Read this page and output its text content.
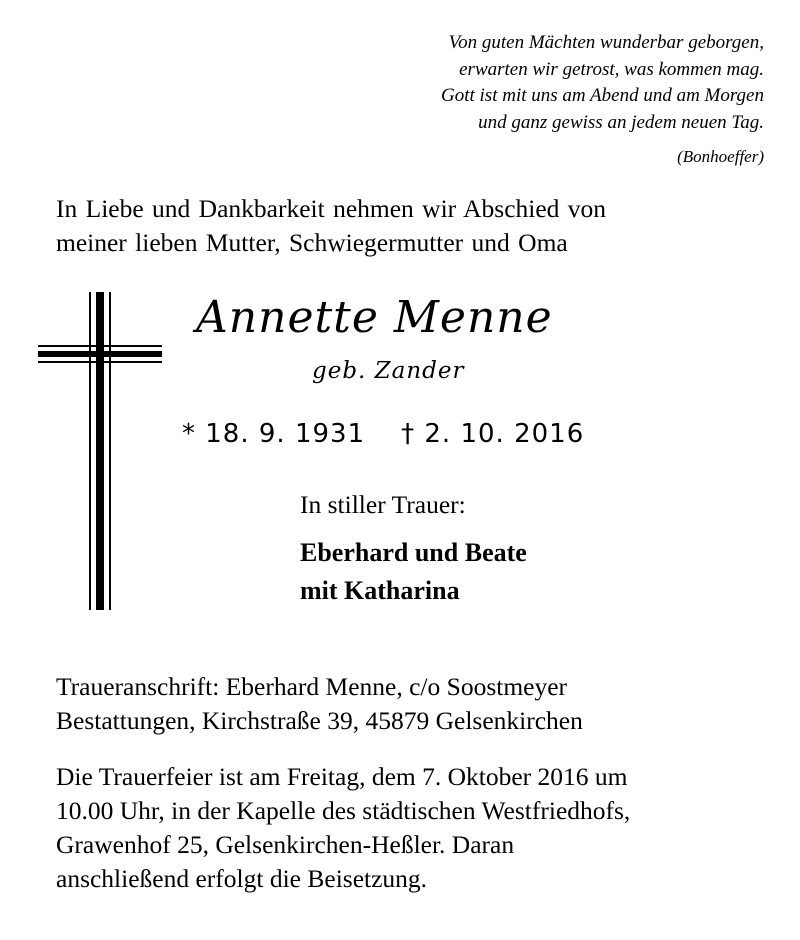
Von guten Mächten wunderbar geborgen,
erwarten wir getrost, was kommen mag.
Gott ist mit uns am Abend und am Morgen
und ganz gewiss an jedem neuen Tag.
(Bonhoeffer)
In Liebe und Dankbarkeit nehmen wir Abschied von
meiner lieben Mutter, Schwiegermutter und Oma
Annette Menne
geb. Zander
* 18. 9. 1931 † 2. 10. 2016
In stiller Trauer:
Eberhard und Beate
mit Katharina
Traueranschrift: Eberhard Menne, c/o Soostmeyer
Bestattungen, Kirchstraße 39, 45879 Gelsenkirchen
Die Trauerfeier ist am Freitag, dem 7. Oktober 2016 um
10.00 Uhr, in der Kapelle des städtischen Westfriedhofs,
Grawenhof 25, Gelsenkirchen-Heßler. Daran
anschließend erfolgt die Beisetzung.
